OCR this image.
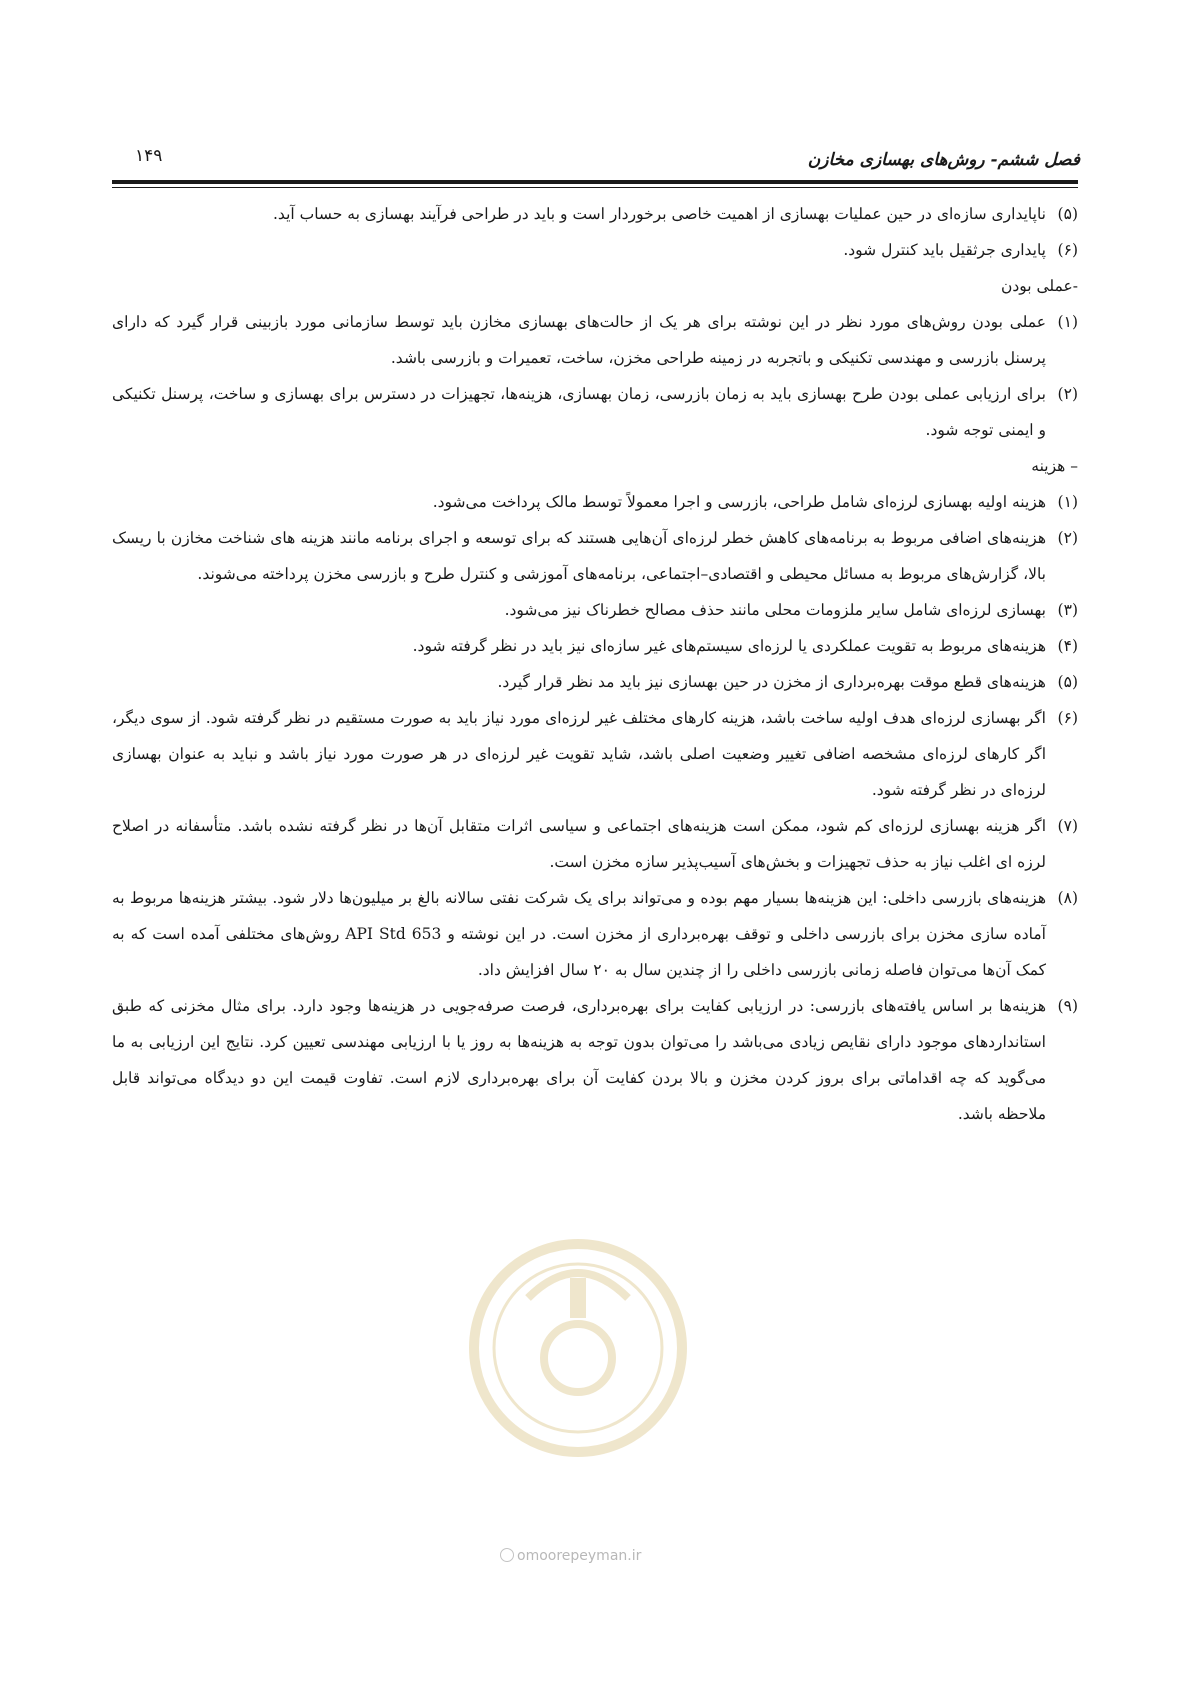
فصل ششم- روش‌های بهسازی مخازن
۱۴۹

(۵)
ناپایداری سازه‌ای در حین عملیات بهسازی از اهمیت خاصی برخوردار است و باید در طراحی فرآیند بهسازی به حساب آید.

(۶)
پایداری جرثقیل باید کنترل شود.

-عملی بودن

(۱)
عملی بودن روش‌های مورد نظر در این نوشته برای هر یک از حالت‌های بهسازی مخازن باید توسط سازمانی مورد بازبینی قرار گیرد که دارای پرسنل بازرسی و مهندسی تکنیکی و باتجربه در زمینه طراحی مخزن، ساخت، تعمیرات و بازرسی باشد.

(۲)
برای ارزیابی عملی بودن طرح بهسازی باید به زمان بازرسی، زمان بهسازی، هزینه‌ها، تجهیزات در دسترس برای بهسازی و ساخت، پرسنل تکنیکی و ایمنی توجه شود.

– هزینه

(۱)
هزینه اولیه بهسازی لرزه‌ای شامل طراحی، بازرسی و اجرا معمولاً توسط مالک پرداخت می‌شود.

(۲)
هزینه‌های اضافی مربوط به برنامه‌های کاهش خطر لرزه‌ای آن‌هایی هستند که برای توسعه و اجرای برنامه مانند هزینه های شناخت مخازن با ریسک بالا، گزارش‌های مربوط به مسائل محیطی و اقتصادی–اجتماعی، برنامه‌های آموزشی و کنترل طرح و بازرسی مخزن پرداخته می‌شوند.

(۳)
بهسازی لرزه‌ای شامل سایر ملزومات محلی مانند حذف مصالح خطرناک نیز می‌شود.

(۴)
هزینه‌های مربوط به تقویت عملکردی یا لرزه‌ای سیستم‌های غیر سازه‌ای نیز باید در نظر گرفته شود.

(۵)
هزینه‌های قطع موقت بهره‌برداری از مخزن در حین بهسازی نیز باید مد نظر قرار گیرد.

(۶)
اگر بهسازی لرزه‌ای هدف اولیه ساخت باشد، هزینه کارهای مختلف غیر لرزه‌ای مورد نیاز باید به صورت مستقیم در نظر گرفته شود. از سوی دیگر، اگر کارهای لرزه‌ای مشخصه اضافی تغییر وضعیت اصلی باشد، شاید تقویت غیر لرزه‌ای در هر صورت مورد نیاز باشد و نباید به عنوان بهسازی لرزه‌ای در نظر گرفته شود.

(۷)
اگر هزینه بهسازی لرزه‌ای کم شود، ممکن است هزینه‌های اجتماعی و سیاسی اثرات متقابل آن‌ها در نظر گرفته نشده باشد. متأسفانه در اصلاح لرزه ای اغلب نیاز به حذف تجهیزات و بخش‌های آسیب‌پذیر سازه مخزن است.

(۸)
هزینه‌های بازرسی داخلی: این هزینه‌ها بسیار مهم بوده و می‌تواند برای یک شرکت نفتی سالانه بالغ بر میلیون‌ها دلار شود. بیشتر هزینه‌ها مربوط به آماده سازی مخزن برای بازرسی داخلی و توقف بهره‌برداری از مخزن است. در این نوشته و API Std 653 روش‌های مختلفی آمده است که به کمک آن‌ها می‌توان فاصله زمانی بازرسی داخلی را از چندین سال به ۲۰ سال افزایش داد.

(۹)
هزینه‌ها بر اساس یافته‌های بازرسی: در ارزیابی کفایت برای بهره‌برداری، فرصت صرفه‌جویی در هزینه‌ها وجود دارد. برای مثال مخزنی که طبق استانداردهای موجود دارای نقایص زیادی می‌باشد را می‌توان بدون توجه به هزینه‌ها به روز یا با ارزیابی مهندسی تعیین کرد. نتایج این ارزیابی به ما می‌گوید که چه اقداماتی برای بروز کردن مخزن و بالا بردن کفایت آن برای بهره‌برداری لازم است. تفاوت قیمت این دو دیدگاه می‌تواند قابل ملاحظه باشد.

omoorepeyman.ir
